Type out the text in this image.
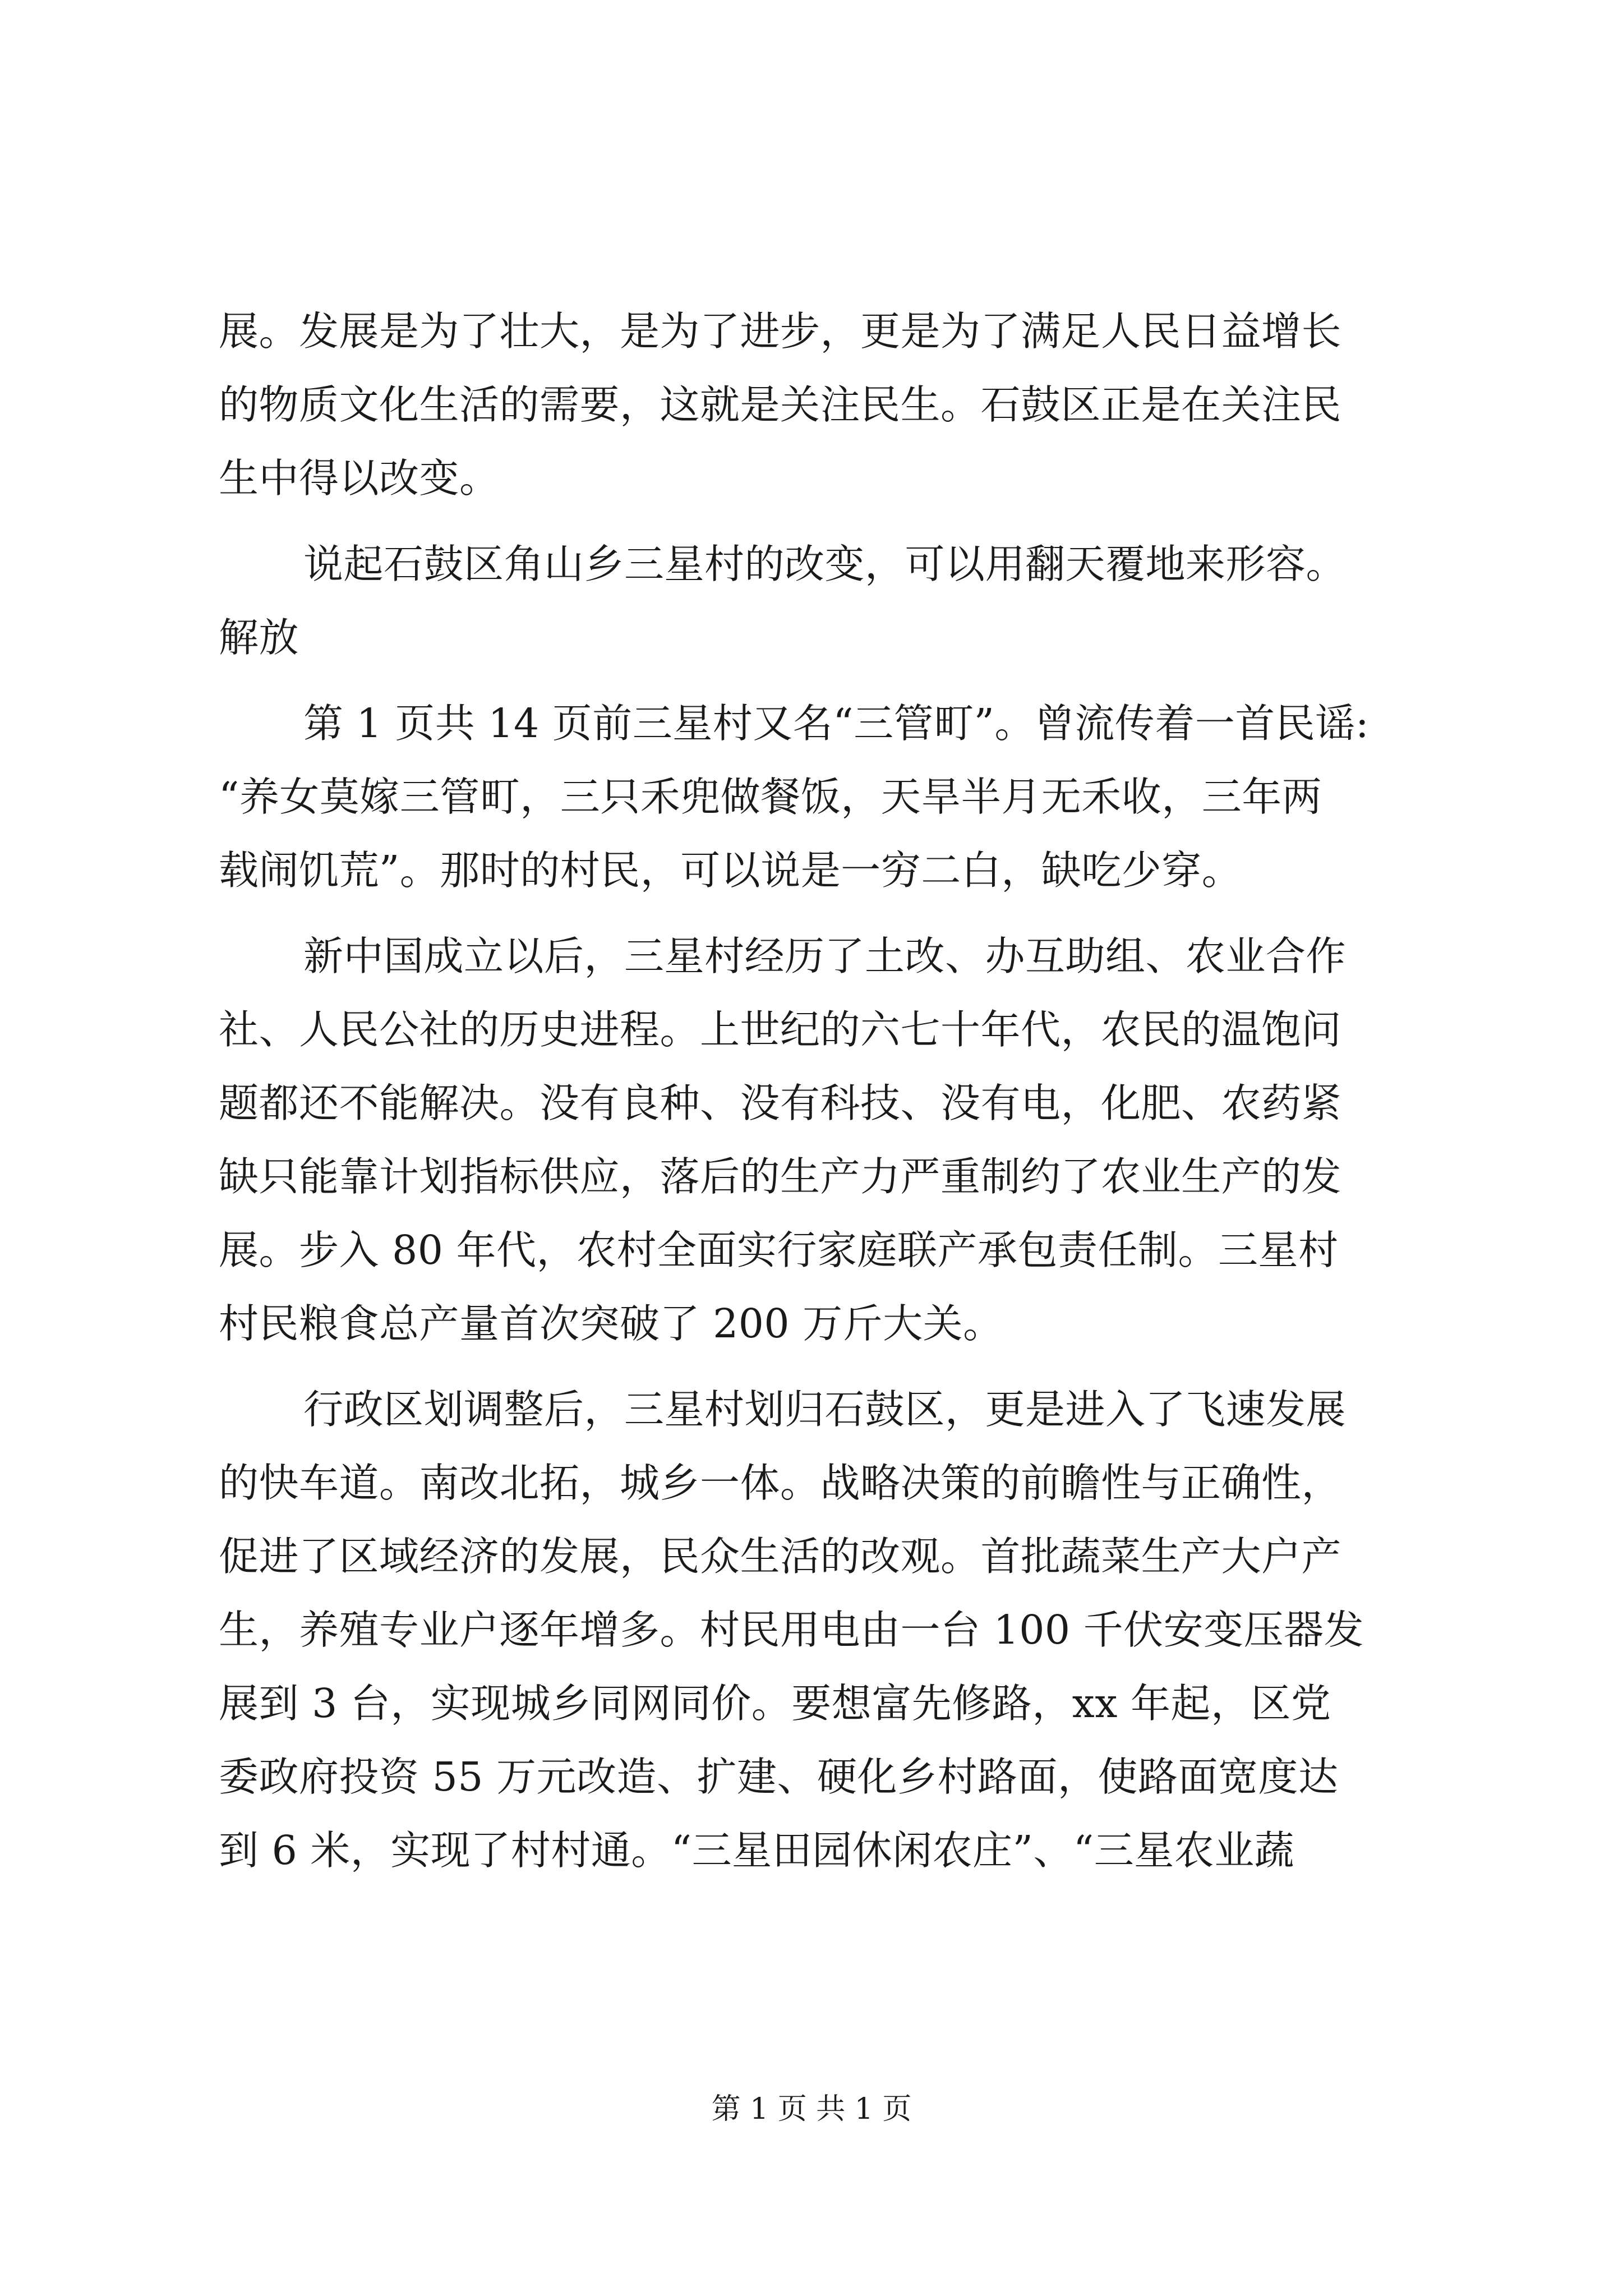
展。发展是为了壮大，是为了进步，更是为了满足人民日益增长
的物质文化生活的需要，这就是关注民生。石鼓区正是在关注民
生中得以改变。

说起石鼓区角山乡三星村的改变，可以用翻天覆地来形容。
解放

第 1 页共 14 页前三星村又名“三管町”。曾流传着一首民谣:
“养女莫嫁三管町，三只禾兜做餐饭，天旱半月无禾收，三年两
载闹饥荒”。那时的村民，可以说是一穷二白，缺吃少穿。

新中国成立以后，三星村经历了土改、办互助组、农业合作
社、人民公社的历史进程。上世纪的六七十年代，农民的温饱问
题都还不能解决。没有良种、没有科技、没有电，化肥、农药紧
缺只能靠计划指标供应，落后的生产力严重制约了农业生产的发
展。步入 80 年代，农村全面实行家庭联产承包责任制。三星村
村民粮食总产量首次突破了 200 万斤大关。

行政区划调整后，三星村划归石鼓区，更是进入了飞速发展
的快车道。南改北拓，城乡一体。战略决策的前瞻性与正确性，
促进了区域经济的发展，民众生活的改观。首批蔬菜生产大户产
生，养殖专业户逐年增多。村民用电由一台 100 千伏安变压器发
展到 3 台，实现城乡同网同价。要想富先修路，xx 年起，区党
委政府投资 55 万元改造、扩建、硬化乡村路面，使路面宽度达
到 6 米，实现了村村通。“三星田园休闲农庄”、“三星农业蔬

第 1 页 共 1 页
